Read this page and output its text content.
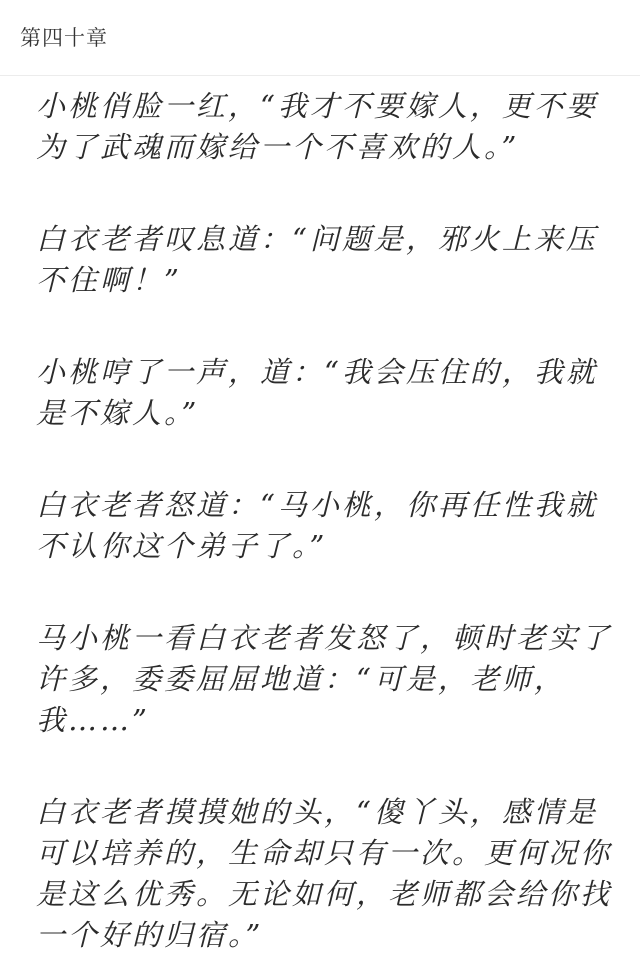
第四十章

小桃俏脸一红，“我才不要嫁人，更不要为了武魂而嫁给一个不喜欢的人。”

白衣老者叹息道：“问题是，邪火上来压不住啊！”

小桃哼了一声，道：“我会压住的，我就是不嫁人。”

白衣老者怒道：“马小桃，你再任性我就不认你这个弟子了。”

马小桃一看白衣老者发怒了，顿时老实了许多，委委屈屈地道：“可是，老师，我……”

白衣老者摸摸她的头，“傻丫头，感情是可以培养的，生命却只有一次。更何况你是这么优秀。无论如何，老师都会给你找一个好的归宿。”
